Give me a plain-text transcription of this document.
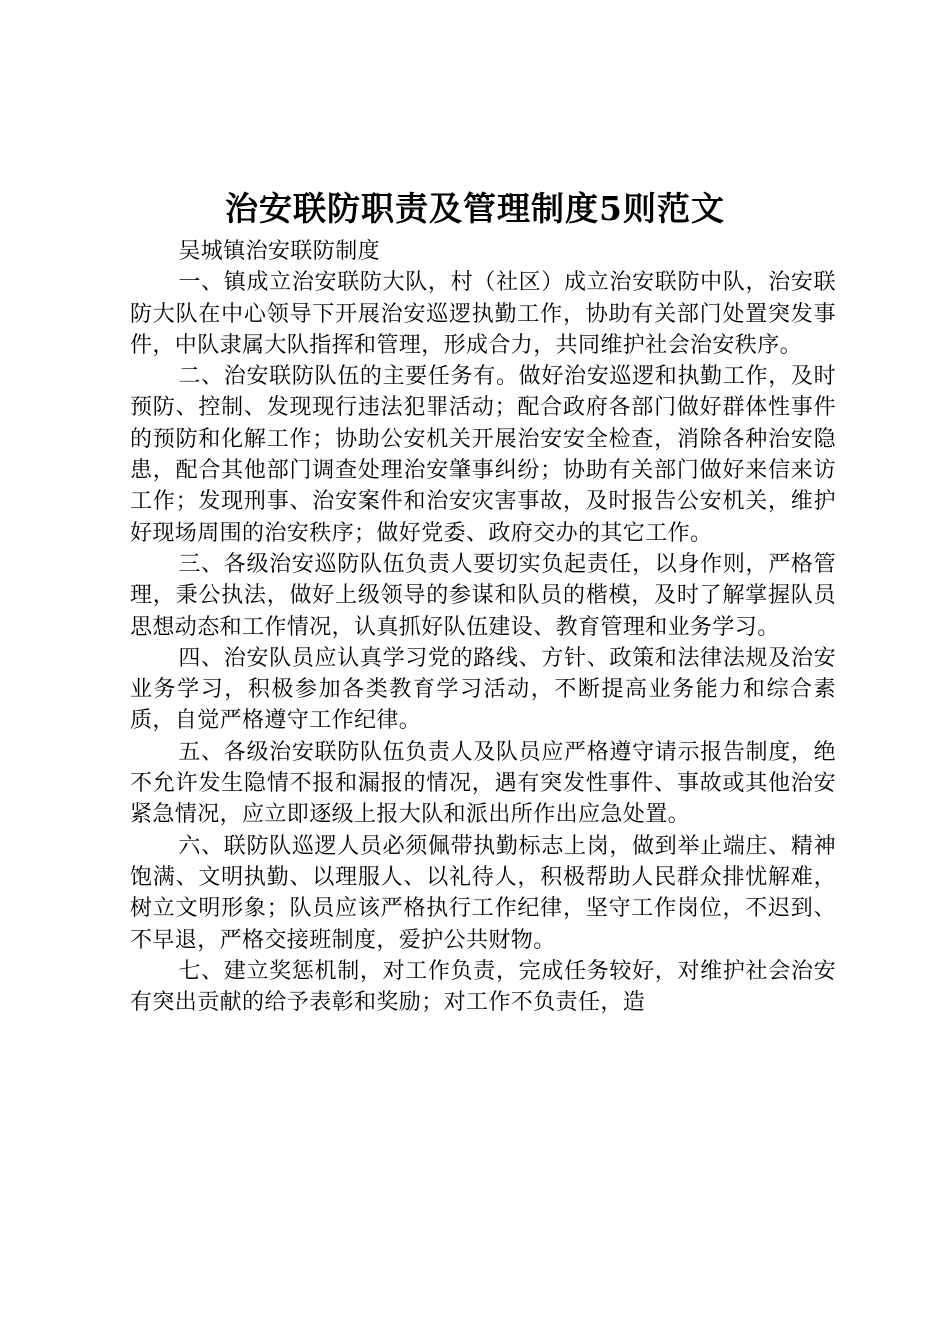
治安联防职责及管理制度5则范文

吴城镇治安联防制度

一、镇成立治安联防大队，村（社区）成立治安联防中队，治安联防大队在中心领导下开展治安巡逻执勤工作，协助有关部门处置突发事件，中队隶属大队指挥和管理，形成合力，共同维护社会治安秩序。

二、治安联防队伍的主要任务有。做好治安巡逻和执勤工作，及时预防、控制、发现现行违法犯罪活动；配合政府各部门做好群体性事件的预防和化解工作；协助公安机关开展治安安全检查，消除各种治安隐患，配合其他部门调查处理治安肇事纠纷；协助有关部门做好来信来访工作；发现刑事、治安案件和治安灾害事故，及时报告公安机关，维护好现场周围的治安秩序；做好党委、政府交办的其它工作。

三、各级治安巡防队伍负责人要切实负起责任，以身作则，严格管理，秉公执法，做好上级领导的参谋和队员的楷模，及时了解掌握队员思想动态和工作情况，认真抓好队伍建设、教育管理和业务学习。

四、治安队员应认真学习党的路线、方针、政策和法律法规及治安业务学习，积极参加各类教育学习活动，不断提高业务能力和综合素质，自觉严格遵守工作纪律。

五、各级治安联防队伍负责人及队员应严格遵守请示报告制度，绝不允许发生隐情不报和漏报的情况，遇有突发性事件、事故或其他治安紧急情况，应立即逐级上报大队和派出所作出应急处置。

六、联防队巡逻人员必须佩带执勤标志上岗，做到举止端庄、精神饱满、文明执勤、以理服人、以礼待人，积极帮助人民群众排忧解难，树立文明形象；队员应该严格执行工作纪律，坚守工作岗位，不迟到、不早退，严格交接班制度，爱护公共财物。

七、建立奖惩机制，对工作负责，完成任务较好，对维护社会治安有突出贡献的给予表彰和奖励；对工作不负责任，造
